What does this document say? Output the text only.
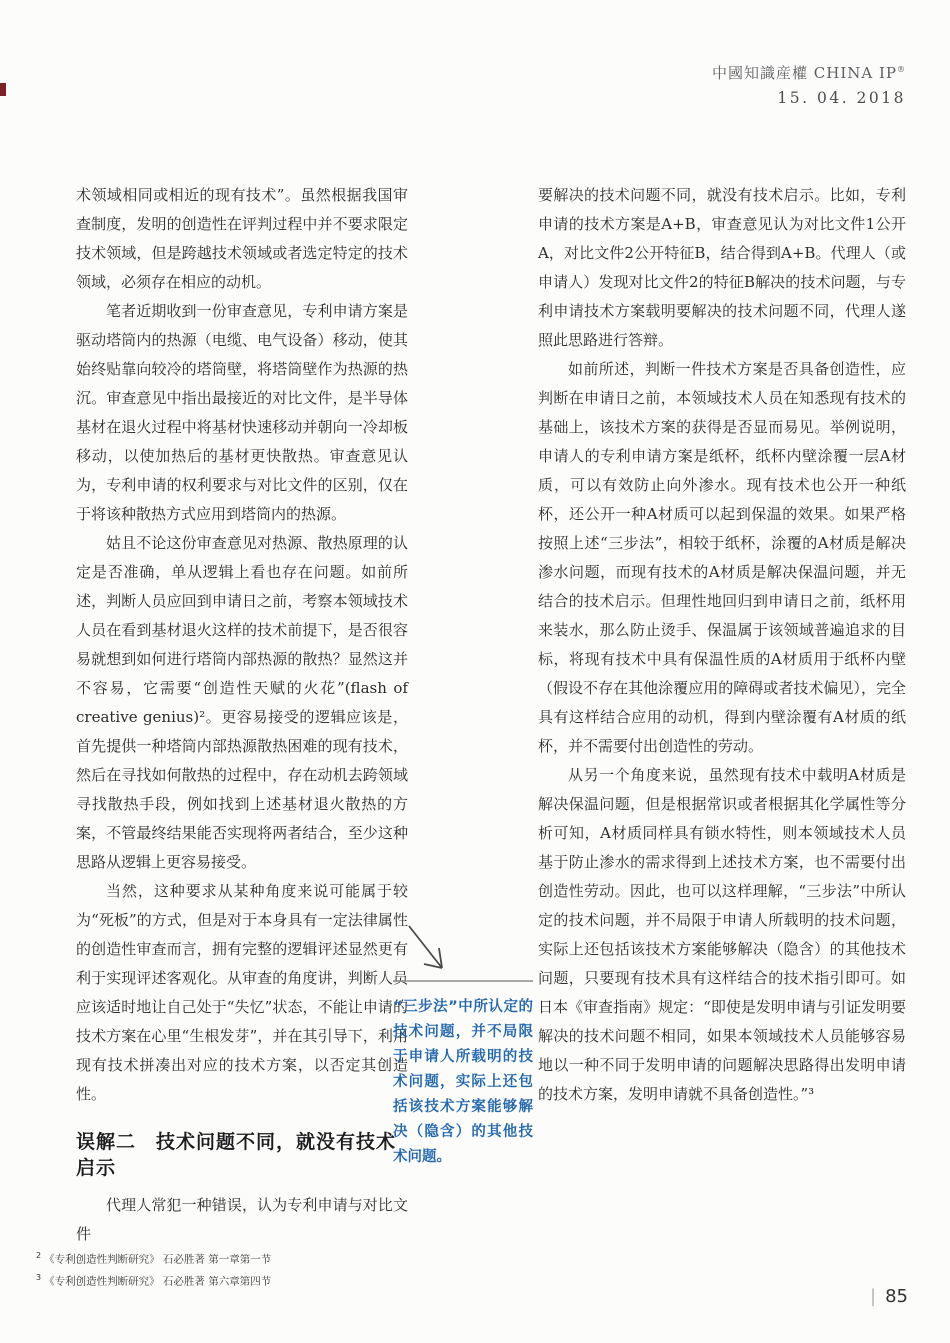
中國知識産權 CHINA IP®
15. 04. 2018

术领域相同或相近的现有技术”。虽然根据我国审查制度，发明的创造性在评判过程中并不要求限定技术领域，但是跨越技术领域或者选定特定的技术领域，必须存在相应的动机。

笔者近期收到一份审查意见，专利申请方案是驱动塔筒内的热源（电缆、电气设备）移动，使其始终贴靠向较冷的塔筒壁，将塔筒壁作为热源的热沉。审查意见中指出最接近的对比文件，是半导体基材在退火过程中将基材快速移动并朝向一冷却板移动，以使加热后的基材更快散热。审查意见认为，专利申请的权利要求与对比文件的区别，仅在于将该种散热方式应用到塔筒内的热源。

姑且不论这份审查意见对热源、散热原理的认定是否准确，单从逻辑上看也存在问题。如前所述，判断人员应回到申请日之前，考察本领域技术人员在看到基材退火这样的技术前提下，是否很容易就想到如何进行塔筒内部热源的散热？显然这并不容易，它需要“创造性天赋的火花”(flash of creative genius)²。更容易接受的逻辑应该是，首先提供一种塔筒内部热源散热困难的现有技术，然后在寻找如何散热的过程中，存在动机去跨领域寻找散热手段，例如找到上述基材退火散热的方案，不管最终结果能否实现将两者结合，至少这种思路从逻辑上更容易接受。

当然，这种要求从某种角度来说可能属于较为“死板”的方式，但是对于本身具有一定法律属性的创造性审查而言，拥有完整的逻辑评述显然更有利于实现评述客观化。从审查的角度讲，判断人员应该适时地让自己处于“失忆”状态，不能让申请的技术方案在心里“生根发芽”，并在其引导下，利用现有技术拼凑出对应的技术方案，以否定其创造性。

误解二　技术问题不同，就没有技术启示

代理人常犯一种错误，认为专利申请与对比文件

“三步法”中所认定的技术问题，并不局限于申请人所载明的技术问题，实际上还包括该技术方案能够解决（隐含）的其他技术问题。

要解决的技术问题不同，就没有技术启示。比如，专利申请的技术方案是A+B，审查意见认为对比文件1公开A，对比文件2公开特征B，结合得到A+B。代理人（或申请人）发现对比文件2的特征B解决的技术问题，与专利申请技术方案载明要解决的技术问题不同，代理人遂照此思路进行答辩。

如前所述，判断一件技术方案是否具备创造性，应判断在申请日之前，本领域技术人员在知悉现有技术的基础上，该技术方案的获得是否显而易见。举例说明，申请人的专利申请方案是纸杯，纸杯内壁涂覆一层A材质，可以有效防止向外渗水。现有技术也公开一种纸杯，还公开一种A材质可以起到保温的效果。如果严格按照上述“三步法”，相较于纸杯，涂覆的A材质是解决渗水问题，而现有技术的A材质是解决保温问题，并无结合的技术启示。但理性地回归到申请日之前，纸杯用来装水，那么防止烫手、保温属于该领域普遍追求的目标，将现有技术中具有保温性质的A材质用于纸杯内壁（假设不存在其他涂覆应用的障碍或者技术偏见），完全具有这样结合应用的动机，得到内壁涂覆有A材质的纸杯，并不需要付出创造性的劳动。

从另一个角度来说，虽然现有技术中载明A材质是解决保温问题，但是根据常识或者根据其化学属性等分析可知，A材质同样具有锁水特性，则本领域技术人员基于防止渗水的需求得到上述技术方案，也不需要付出创造性劳动。因此，也可以这样理解，“三步法”中所认定的技术问题，并不局限于申请人所载明的技术问题，实际上还包括该技术方案能够解决（隐含）的其他技术问题，只要现有技术具有这样结合的技术指引即可。如日本《审查指南》规定：“即使是发明申请与引证发明要解决的技术问题不相同，如果本领域技术人员能够容易地以一种不同于发明申请的问题解决思路得出发明申请的技术方案，发明申请就不具备创造性。”³

$^2$ 《专利创造性判断研究》 石必胜著 第一章第一节
$^3$ 《专利创造性判断研究》 石必胜著 第六章第四节
| 85
